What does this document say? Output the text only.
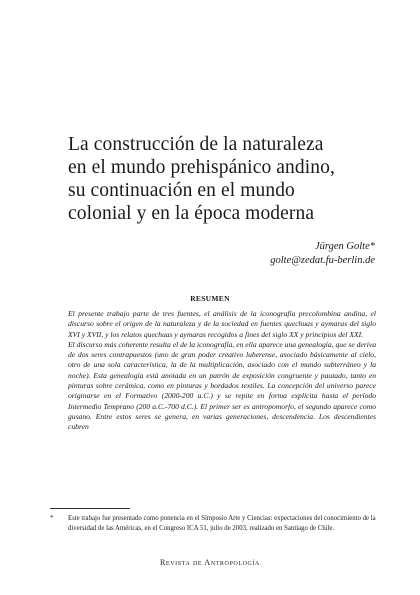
La construcción de la naturaleza
en el mundo prehispánico andino,
su continuación en el mundo
colonial y en la época moderna
Jürgen Golte*
golte@zedat.fu-berlin.de
RESUMEN

El presente trabajo parte de tres fuentes, el análisis de la iconografía precolombina andina, el discurso sobre el origen de la naturaleza y de la sociedad en fuentes quechuas y aymaras del siglo XVI y XVII, y los relatos quechuas y aymaras recogidos a fines del siglo XX y principios del XXI.

El discurso más coherente resulta el de la iconografía, en ella aparece una genealogía, que se deriva de dos seres contrapuestos (uno de gran poder creativo luberense, asociado básicamente al cielo, otro de una sola característica, la de la multiplicación, asociado con el mundo subterráneo y la noche). Esta genealogía está anotada en un patrón de exposición congruente y pautado, tanto en pinturas sobre cerámica, como en pinturas y bordados textiles. La concepción del universo parece originarse en el Formativo (2000-200 a.C.) y se repite en forma explícita hasta el período Intermedio Temprano (200 a.C.-700 d.C.). El primer ser es antropomorfo, el segundo aparece como gusano. Entre estos seres se genera, en varias generaciones, descendencia. Los descendientes cubren

* Este trabajo fue presentado como ponencia en el Simposio Arte y Ciencias: expectaciones del conocimiento de la diversidad de las Américas, en el Congreso ICA 51, julio de 2003, realizado en Santiago de Chile.
Revista de Antropología
